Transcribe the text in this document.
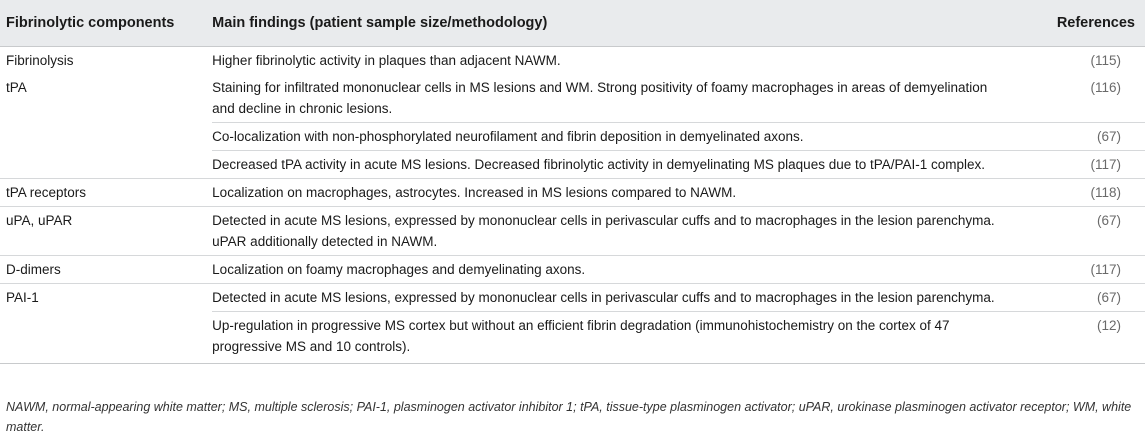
Fibrinolytic components	Main findings (patient sample size/methodology)	References
Fibrinolysis	Higher fibrinolytic activity in plaques than adjacent NAWM.	(115)
tPA	Staining for infiltrated mononuclear cells in MS lesions and WM. Strong positivity of foamy macrophages in areas of demyelination and decline in chronic lesions.	(116)
	Co-localization with non-phosphorylated neurofilament and fibrin deposition in demyelinated axons.	(67)
	Decreased tPA activity in acute MS lesions. Decreased fibrinolytic activity in demyelinating MS plaques due to tPA/PAI-1 complex.	(117)
tPA receptors	Localization on macrophages, astrocytes. Increased in MS lesions compared to NAWM.	(118)
uPA, uPAR	Detected in acute MS lesions, expressed by mononuclear cells in perivascular cuffs and to macrophages in the lesion parenchyma. uPAR additionally detected in NAWM.	(67)
D-dimers	Localization on foamy macrophages and demyelinating axons.	(117)
PAI-1	Detected in acute MS lesions, expressed by mononuclear cells in perivascular cuffs and to macrophages in the lesion parenchyma.	(67)
	Up-regulation in progressive MS cortex but without an efficient fibrin degradation (immunohistochemistry on the cortex of 47 progressive MS and 10 controls).	(12)
NAWM, normal-appearing white matter; MS, multiple sclerosis; PAI-1, plasminogen activator inhibitor 1; tPA, tissue-type plasminogen activator; uPAR, urokinase plasminogen activator receptor; WM, white matter.
